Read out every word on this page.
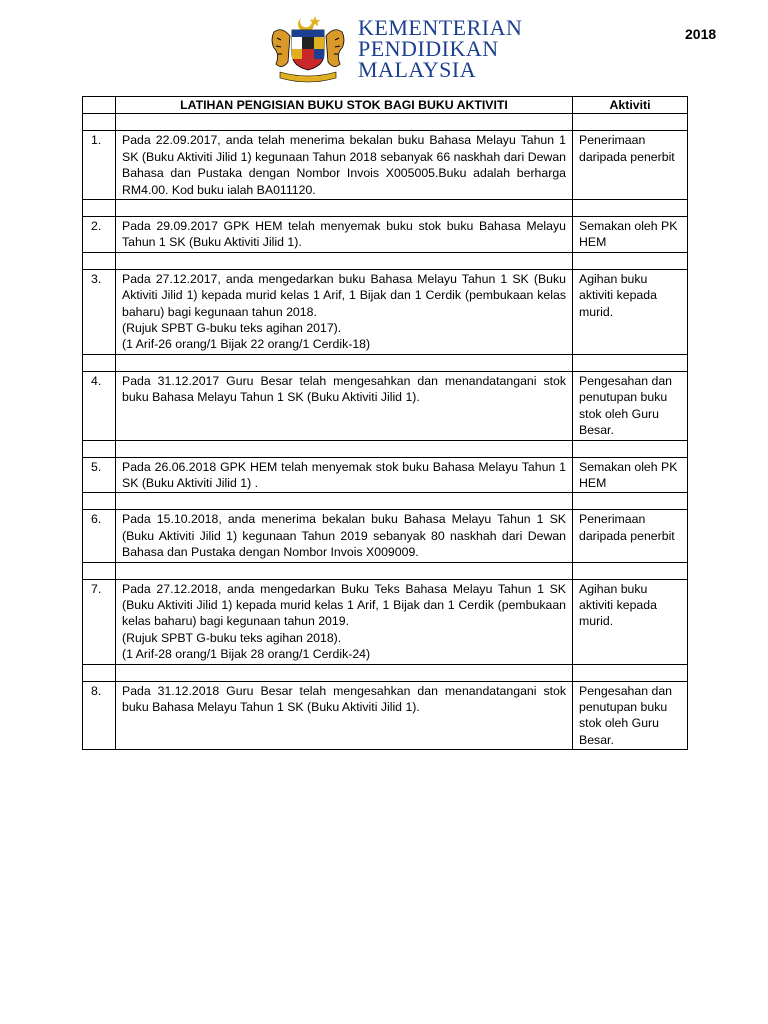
KEMENTERIAN
PENDIDIKAN
MALAYSIA
2018
	LATIHAN PENGISIAN BUKU STOK BAGI BUKU AKTIVITI	Aktiviti

1.	Pada 22.09.2017, anda telah menerima bekalan buku Bahasa Melayu Tahun 1 SK (Buku Aktiviti Jilid 1) kegunaan Tahun 2018 sebanyak 66 naskhah dari Dewan Bahasa dan Pustaka dengan Nombor Invois X005005.Buku adalah berharga RM4.00. Kod buku ialah BA011120.	Penerimaan daripada penerbit

2.	Pada 29.09.2017 GPK HEM telah menyemak buku stok buku Bahasa Melayu Tahun 1 SK (Buku Aktiviti Jilid 1).	Semakan oleh PK HEM

3.	Pada 27.12.2017, anda mengedarkan buku Bahasa Melayu Tahun 1 SK (Buku Aktiviti Jilid 1) kepada murid kelas 1 Arif, 1 Bijak dan 1 Cerdik (pembukaan kelas baharu) bagi kegunaan tahun 2018.
(Rujuk SPBT G-buku teks agihan 2017).
(1 Arif-26 orang/1 Bijak 22 orang/1 Cerdik-18)	Agihan buku aktiviti kepada murid.

4.	Pada 31.12.2017 Guru Besar telah mengesahkan dan menandatangani stok buku Bahasa Melayu Tahun 1 SK (Buku Aktiviti Jilid 1).	Pengesahan dan penutupan buku stok oleh Guru Besar.

5.	Pada 26.06.2018 GPK HEM telah menyemak stok buku Bahasa Melayu Tahun 1 SK (Buku Aktiviti Jilid 1) .	Semakan oleh PK HEM

6.	Pada 15.10.2018, anda menerima bekalan buku Bahasa Melayu Tahun 1 SK (Buku Aktiviti Jilid 1) kegunaan Tahun 2019 sebanyak 80 naskhah dari Dewan Bahasa dan Pustaka dengan Nombor Invois X009009.	Penerimaan daripada penerbit

7.	Pada 27.12.2018, anda mengedarkan Buku Teks Bahasa Melayu Tahun 1 SK (Buku Aktiviti Jilid 1) kepada murid kelas 1 Arif, 1 Bijak dan 1 Cerdik (pembukaan kelas baharu) bagi kegunaan tahun 2019.
(Rujuk SPBT G-buku teks agihan 2018).
(1 Arif-28 orang/1 Bijak 28 orang/1 Cerdik-24)	Agihan buku aktiviti kepada murid.

8.	Pada 31.12.2018 Guru Besar telah mengesahkan dan menandatangani stok buku Bahasa Melayu Tahun 1 SK (Buku Aktiviti Jilid 1).	Pengesahan dan penutupan buku stok oleh Guru Besar.
